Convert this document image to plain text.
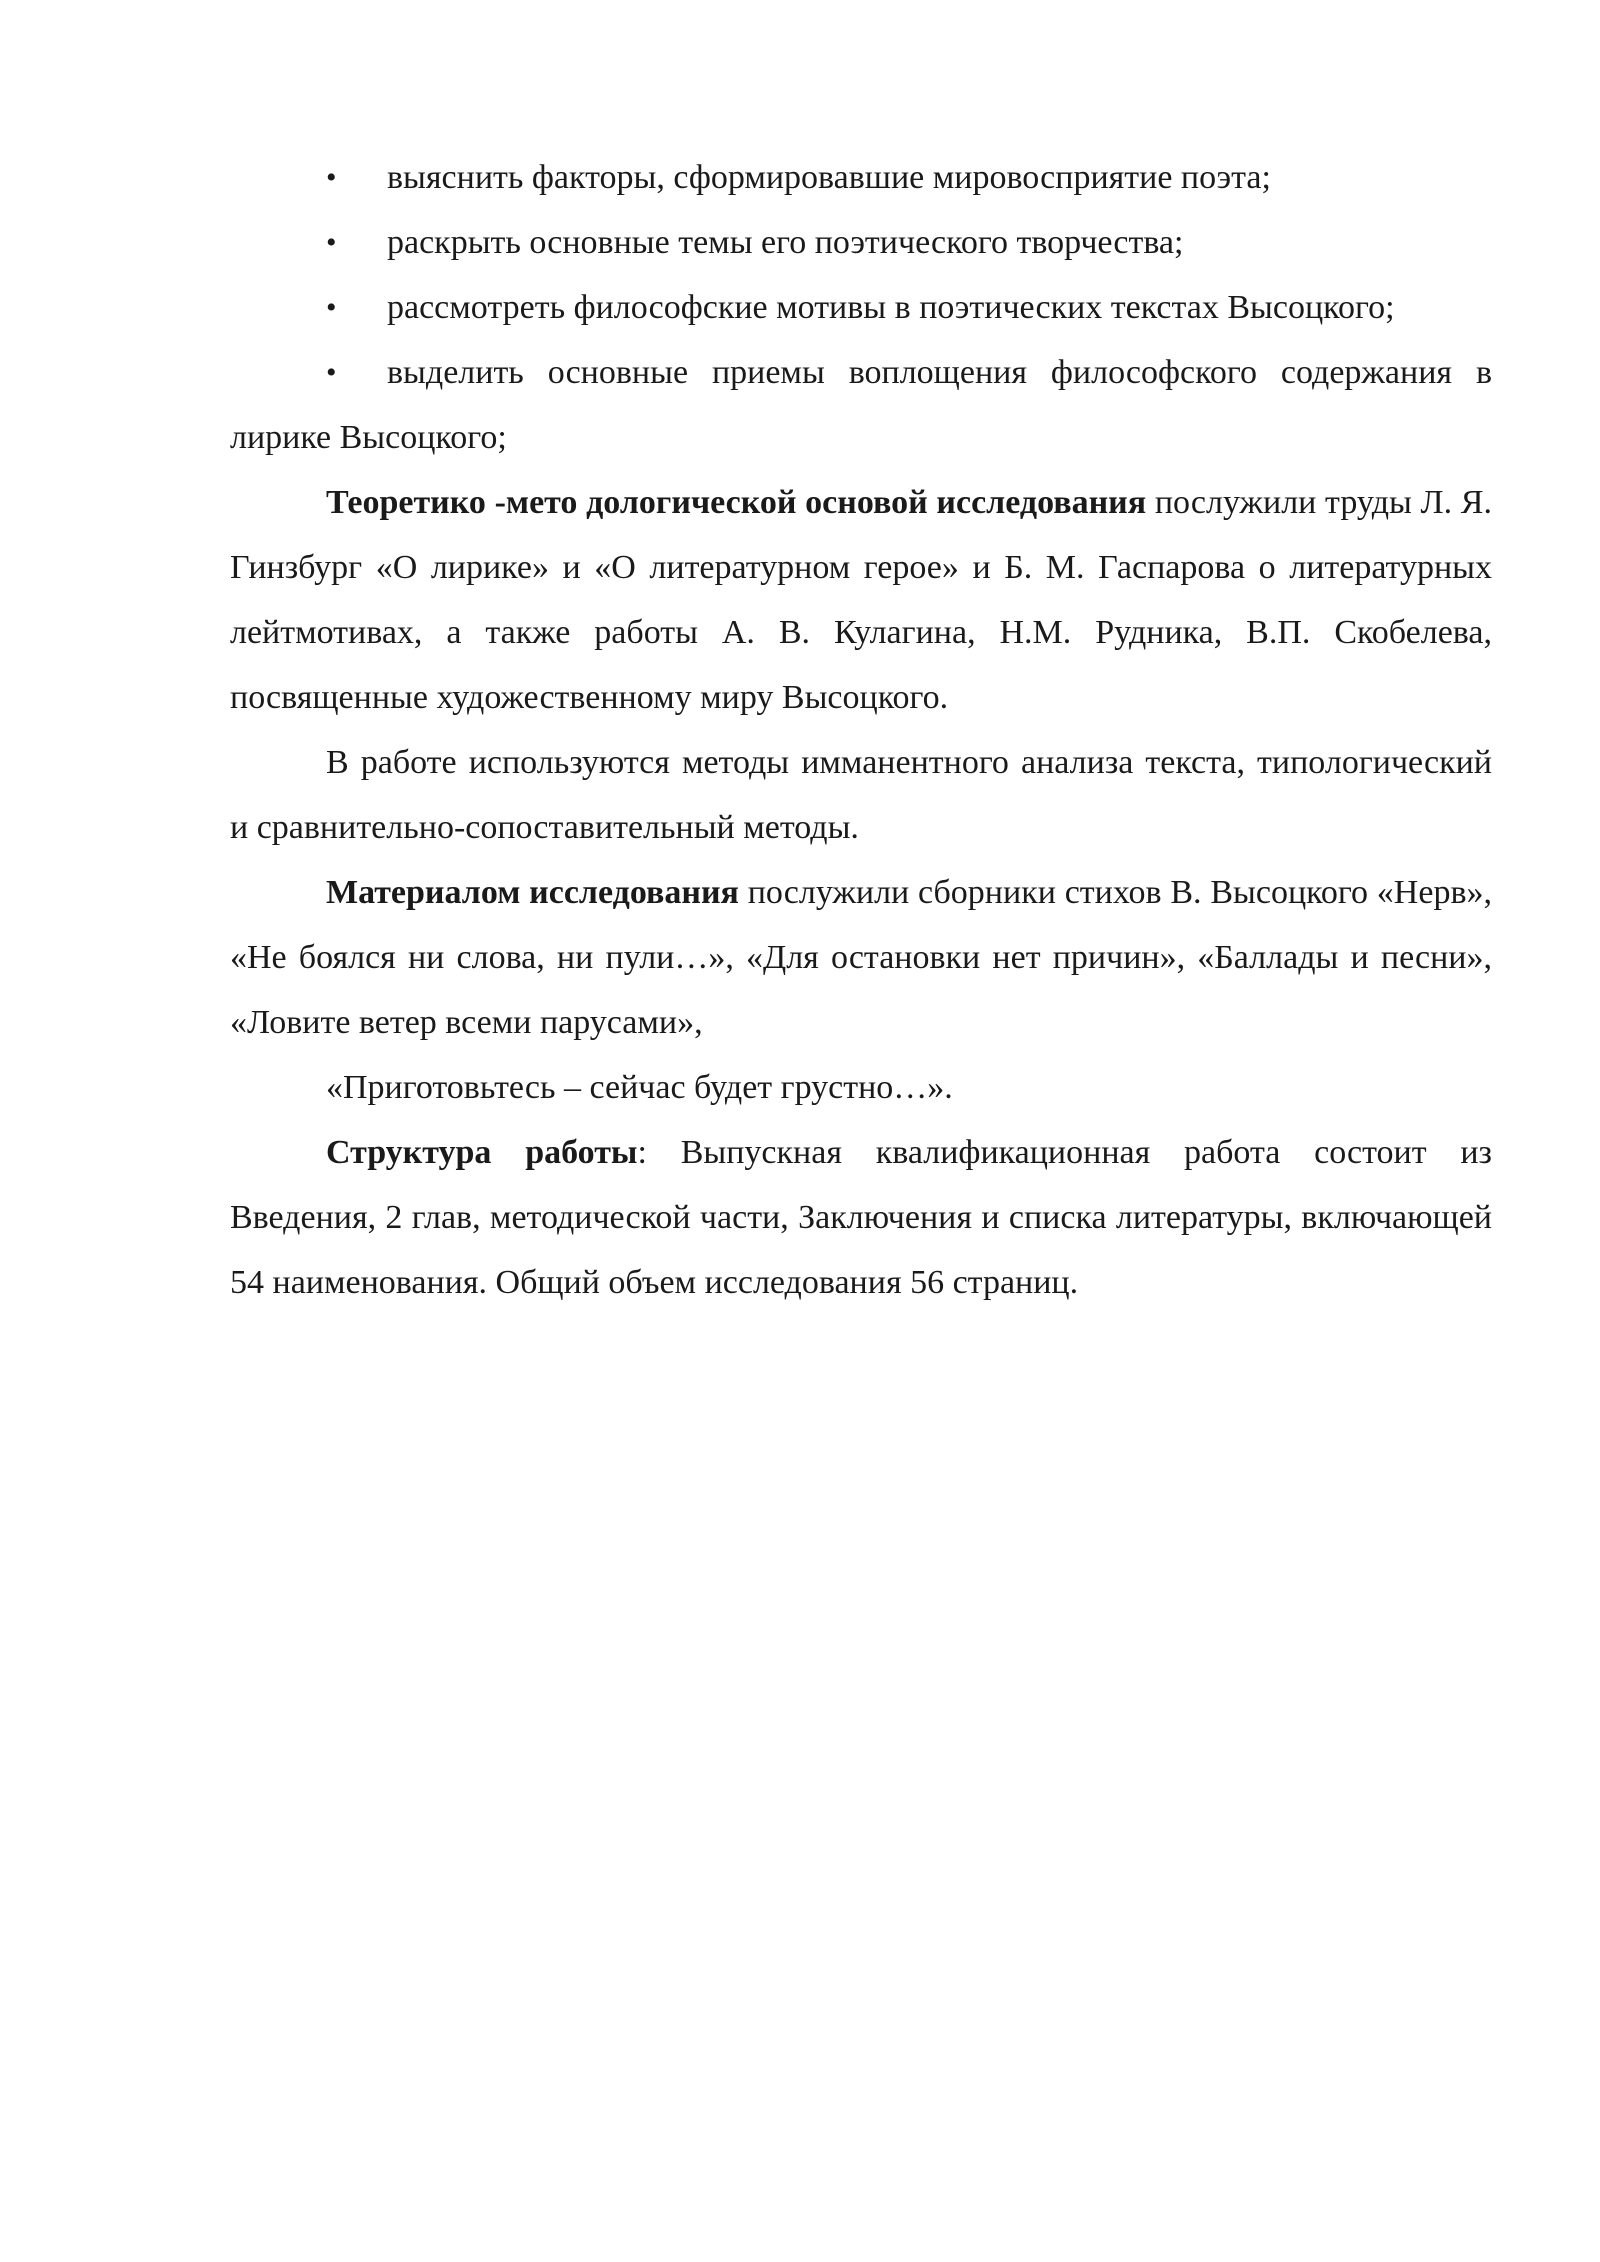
• выяснить факторы, сформировавшие мировосприятие поэта;

• раскрыть основные темы его поэтического творчества;

• рассмотреть философские мотивы в поэтических текстах Высоцкого;

• выделить основные приемы воплощения философского содержания в лирике Высоцкого;

Теоретико -мето дологической основой исследования послужили труды Л. Я. Гинзбург «О лирике» и «О литературном герое» и Б. М. Гаспарова о литературных лейтмотивах, а также работы А. В. Кулагина, Н.М. Рудника, В.П. Скобелева, посвященные художественному миру Высоцкого.

В работе используются методы имманентного анализа текста, типологический и сравнительно-сопоставительный методы.

Материалом исследования послужили сборники стихов В. Высоцкого «Нерв», «Не боялся ни слова, ни пули…», «Для остановки нет причин», «Баллады и песни», «Ловите ветер всеми парусами»,

«Приготовьтесь – сейчас будет грустно…».

Структура работы: Выпускная квалификационная работа состоит из Введения, 2 глав, методической части, Заключения и списка литературы, включающей 54 наименования. Общий объем исследования 56 страниц.
